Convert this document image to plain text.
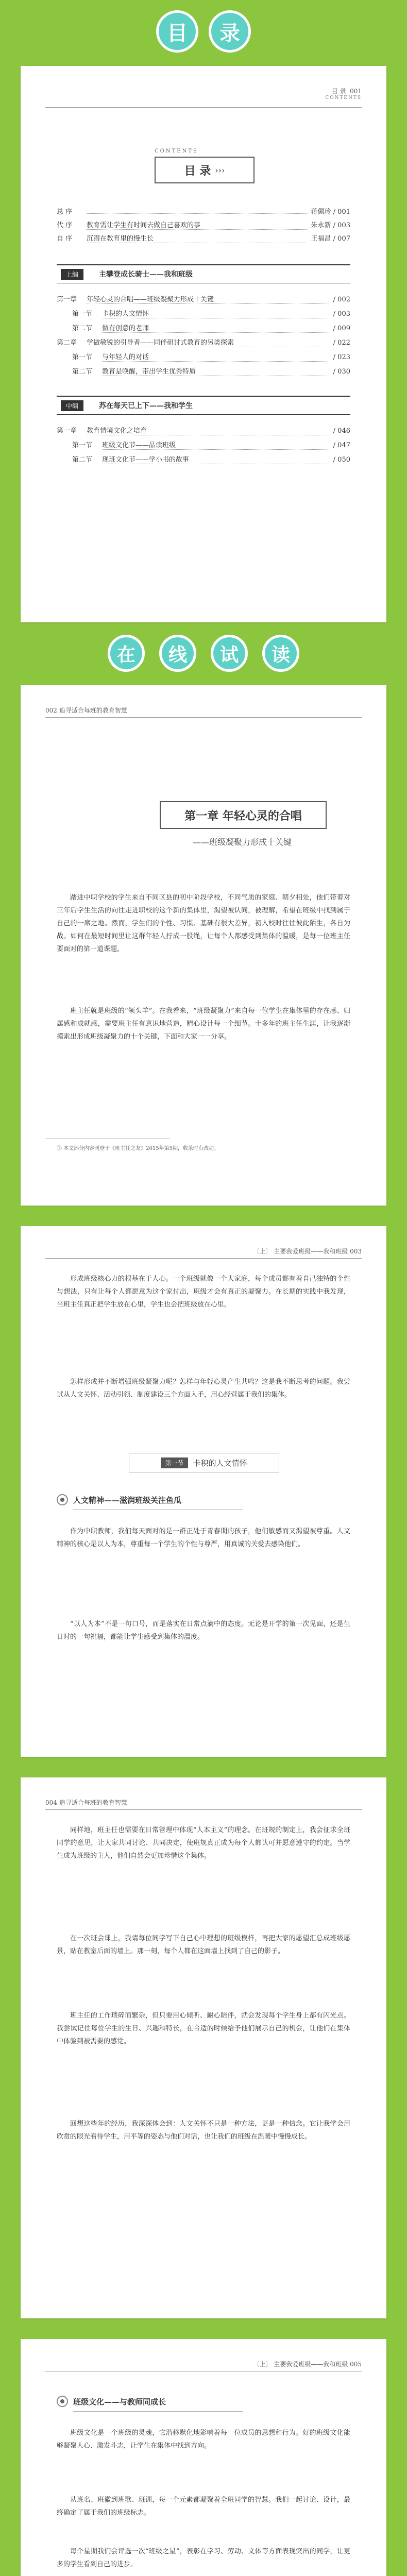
目	录
目 录 001
CONTENTS
CONTENTS
目 录 ›››
总 序	蒋佩玲 / 001
代 序	教育需让学生有时间去做自己喜欢的事	朱永新 / 003
自 序	沉潜在教育里的慢生长	王福昌 / 007
上编	主攀登成长骑士——我和班级
第一章	年轻心灵的合唱——班级凝聚力形成十关键	/ 002
第一节	卡积的人文情怀	/ 003
第二节	做有创意的老师	/ 009
第二章	学做敏锐的引导者——同伴研讨式教育的另类探索	/ 022
第一节	与年轻人的对话	/ 023
第二节	教育是唤醒，带出学生优秀特质	/ 030
中编	苏在每天已上下——我和学生
第一章	教育情境文化之培育	/ 046
第一节	班级文化节——品读班级	/ 047
第二节	现班文化节——学小书的故事	/ 050
在	线	试	读
002 追寻适合每班的教育智慧
第一章 年轻心灵的合唱
——班级凝聚力形成十关键
踏进中职学校的学生来自不同区县的初中阶段学校，不同气质的家庭、朝夕相处，他们带着对三年后学生生活的向往走进职校的这个新的集体里，渴望被认同，被理解，希望在班级中找到属于自己的一席之地。然而，学生们的个性、习惯、基础有很大差异，初入校时往往彼此陌生，各自为战。如何在最短时间里让这群年轻人拧成一股绳，让每个人都感受到集体的温暖，是每一位班主任要面对的第一道课题。
班主任就是班级的“领头羊”。在我看来，“班级凝聚力”来自每一位学生在集体里的存在感、归属感和成就感，需要班主任有意识地营造，精心设计每一个细节。十多年的班主任生涯，让我逐渐摸索出形成班级凝聚力的十个关键，下面和大家一一分享。
① 本文部分内容刊登于《班主任之友》2015年第5期，收录时有改动。
〔上〕 主要我爱班级——我和班级 003
形成班级核心力的根基在于人心。一个班级就像一个大家庭，每个成员都有着自己独特的个性与想法，只有让每个人都愿意为这个家付出，班级才会有真正的凝聚力。在长期的实践中我发现，当班主任真正把学生放在心里，学生也会把班级放在心里。
怎样形成并不断增强班级凝聚力呢？怎样与年轻心灵产生共鸣？这是我不断思考的问题。我尝试从人文关怀、活动引领、制度建设三个方面入手，用心经营属于我们的集体。
第一节	卡积的人文情怀
人文精神——滋润班级关注鱼瓜
作为中职教师，我们每天面对的是一群正处于青春期的孩子，他们敏感而又渴望被尊重。人文精神的核心是以人为本，尊重每一个学生的个性与尊严，用真诚的关爱去感染他们。
“以人为本”不是一句口号，而是落实在日常点滴中的态度。无论是开学的第一次见面，还是生日时的一句祝福，都能让学生感受到集体的温度。
004 追寻适合每班的教育智慧
同样地，班主任也需要在日常管理中体现“人本主义”的理念。在班规的制定上，我会征求全班同学的意见，让大家共同讨论、共同决定，使班规真正成为每个人都认可并愿意遵守的约定。当学生成为班级的主人，他们自然会更加珍惜这个集体。
在一次班会课上，我请每位同学写下自己心中理想的班级模样，再把大家的愿望汇总成班级愿景，贴在教室后面的墙上。那一刻，每个人都在这面墙上找到了自己的影子。
班主任的工作琐碎而繁杂，但只要用心倾听、耐心陪伴，就会发现每个学生身上都有闪光点。我尝试记住每位学生的生日、兴趣和特长，在合适的时候给予他们展示自己的机会，让他们在集体中体验到被需要的感觉。
回想这些年的经历，我深深体会到：人文关怀不只是一种方法，更是一种信念。它让我学会用欣赏的眼光看待学生，用平等的姿态与他们对话，也让我们的班级在温暖中慢慢成长。
〔上〕 主要我爱班级——我和班级 005
班级文化——与教师同成长
班级文化是一个班级的灵魂，它潜移默化地影响着每一位成员的思想和行为。好的班级文化能够凝聚人心、激发斗志，让学生在集体中找到方向。
从班名、班徽到班歌、班训，每一个元素都凝聚着全班同学的智慧。我们一起讨论、设计，最终确定了属于我们的班级标志。
每个星期我们会评选一次“班级之星”，表彰在学习、劳动、文体等方面表现突出的同学，让更多的学生看到自己的进步。
